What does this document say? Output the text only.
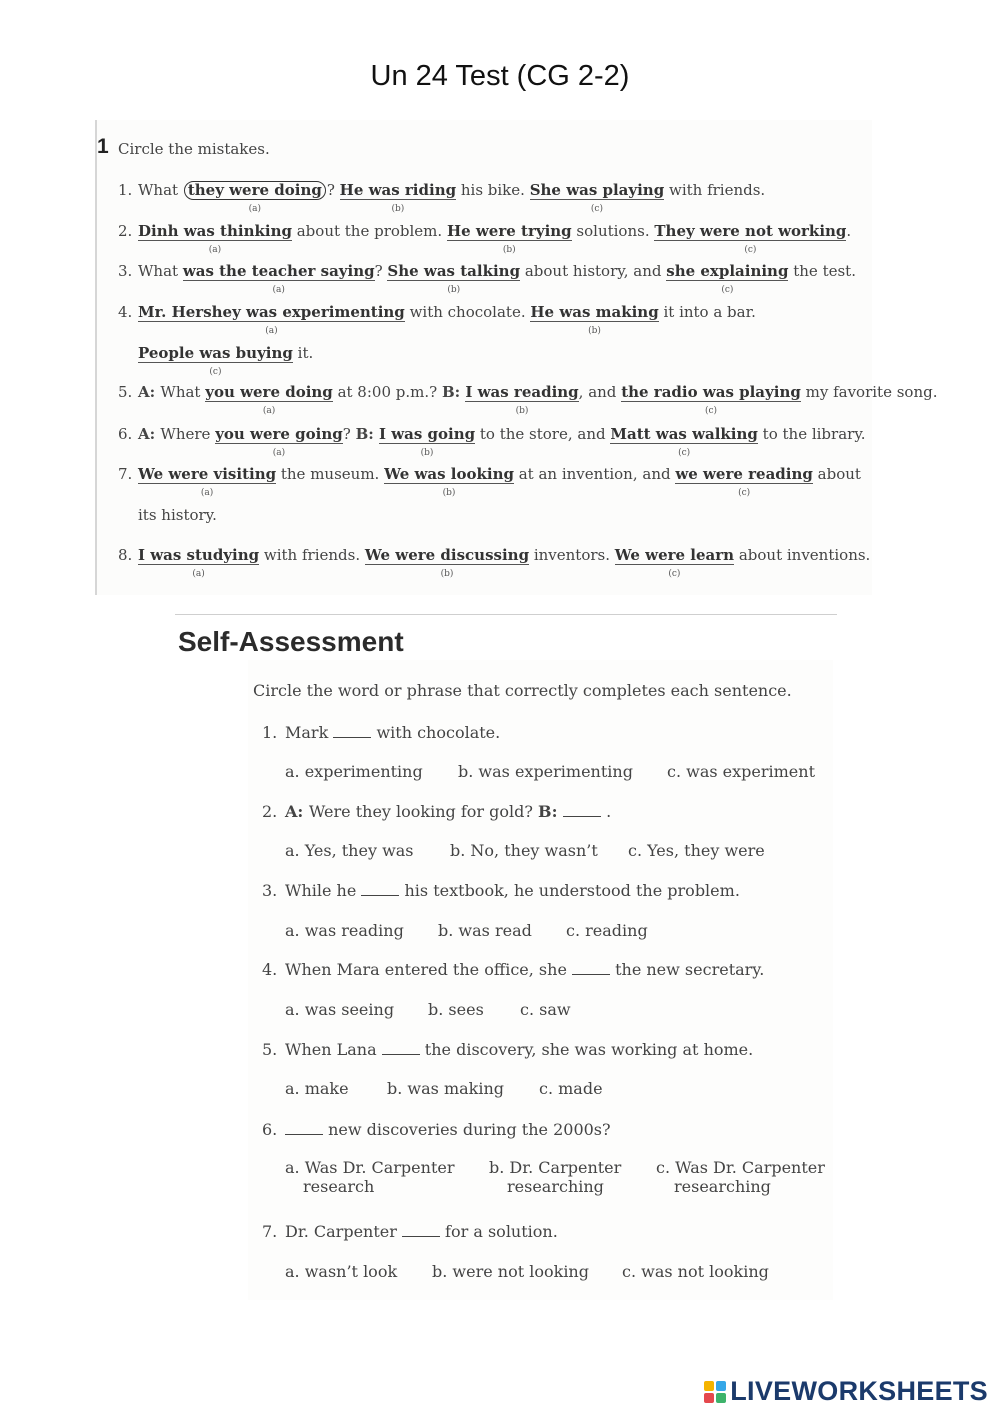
Un 24 Test (CG 2-2)
1 Circle the mistakes.
1. What they were doing
(a)
? He was riding
(b)
his bike. She was playing
(c)
with friends.
2. Dinh was thinking
(a)
about the problem. He were trying
(b)
solutions. They were not working
(c)
.
3. What was the teacher saying
(a)
? She was talking
(b)
about history, and she explaining
(c)
the test.
4. Mr. Hershey was experimenting
(a)
with chocolate. He was making
(b)
it into a bar.
People was buying
(c)
it.
5. A: What you were doing
(a)
at 8:00 p.m.? B: I was reading
(b)
, and the radio was playing
(c)
my favorite song.
6. A: Where you were going
(a)
? B: I was going
(b)
to the store, and Matt was walking
(c)
to the library.
7. We were visiting
(a)
the museum. We was looking
(b)
at an invention, and we were reading
(c)
about
its history.
8. I was studying
(a)
with friends. We were discussing
(b)
inventors. We were learn
(c)
about inventions.
Self-Assessment
Circle the word or phrase that correctly completes each sentence.
1. Mark  with chocolate.
a. experimenting b. was experimenting c. was experiment
2. A: Were they looking for gold? B:  .
a. Yes, they was b. No, they wasn’t c. Yes, they were
3. While he  his textbook, he understood the problem.
a. was reading b. was read c. reading
4. When Mara entered the office, she  the new secretary.
a. was seeing b. sees c. saw
5. When Lana  the discovery, she was working at home.
a. make b. was making c. made
6.	new discoveries during the 2000s?
a. Was Dr. Carpenter
research
b. Dr. Carpenter
researching
c. Was Dr. Carpenter
researching
7. Dr. Carpenter  for a solution.
a. wasn’t look b. were not looking c. was not looking
LIVEWORKSHEETS
